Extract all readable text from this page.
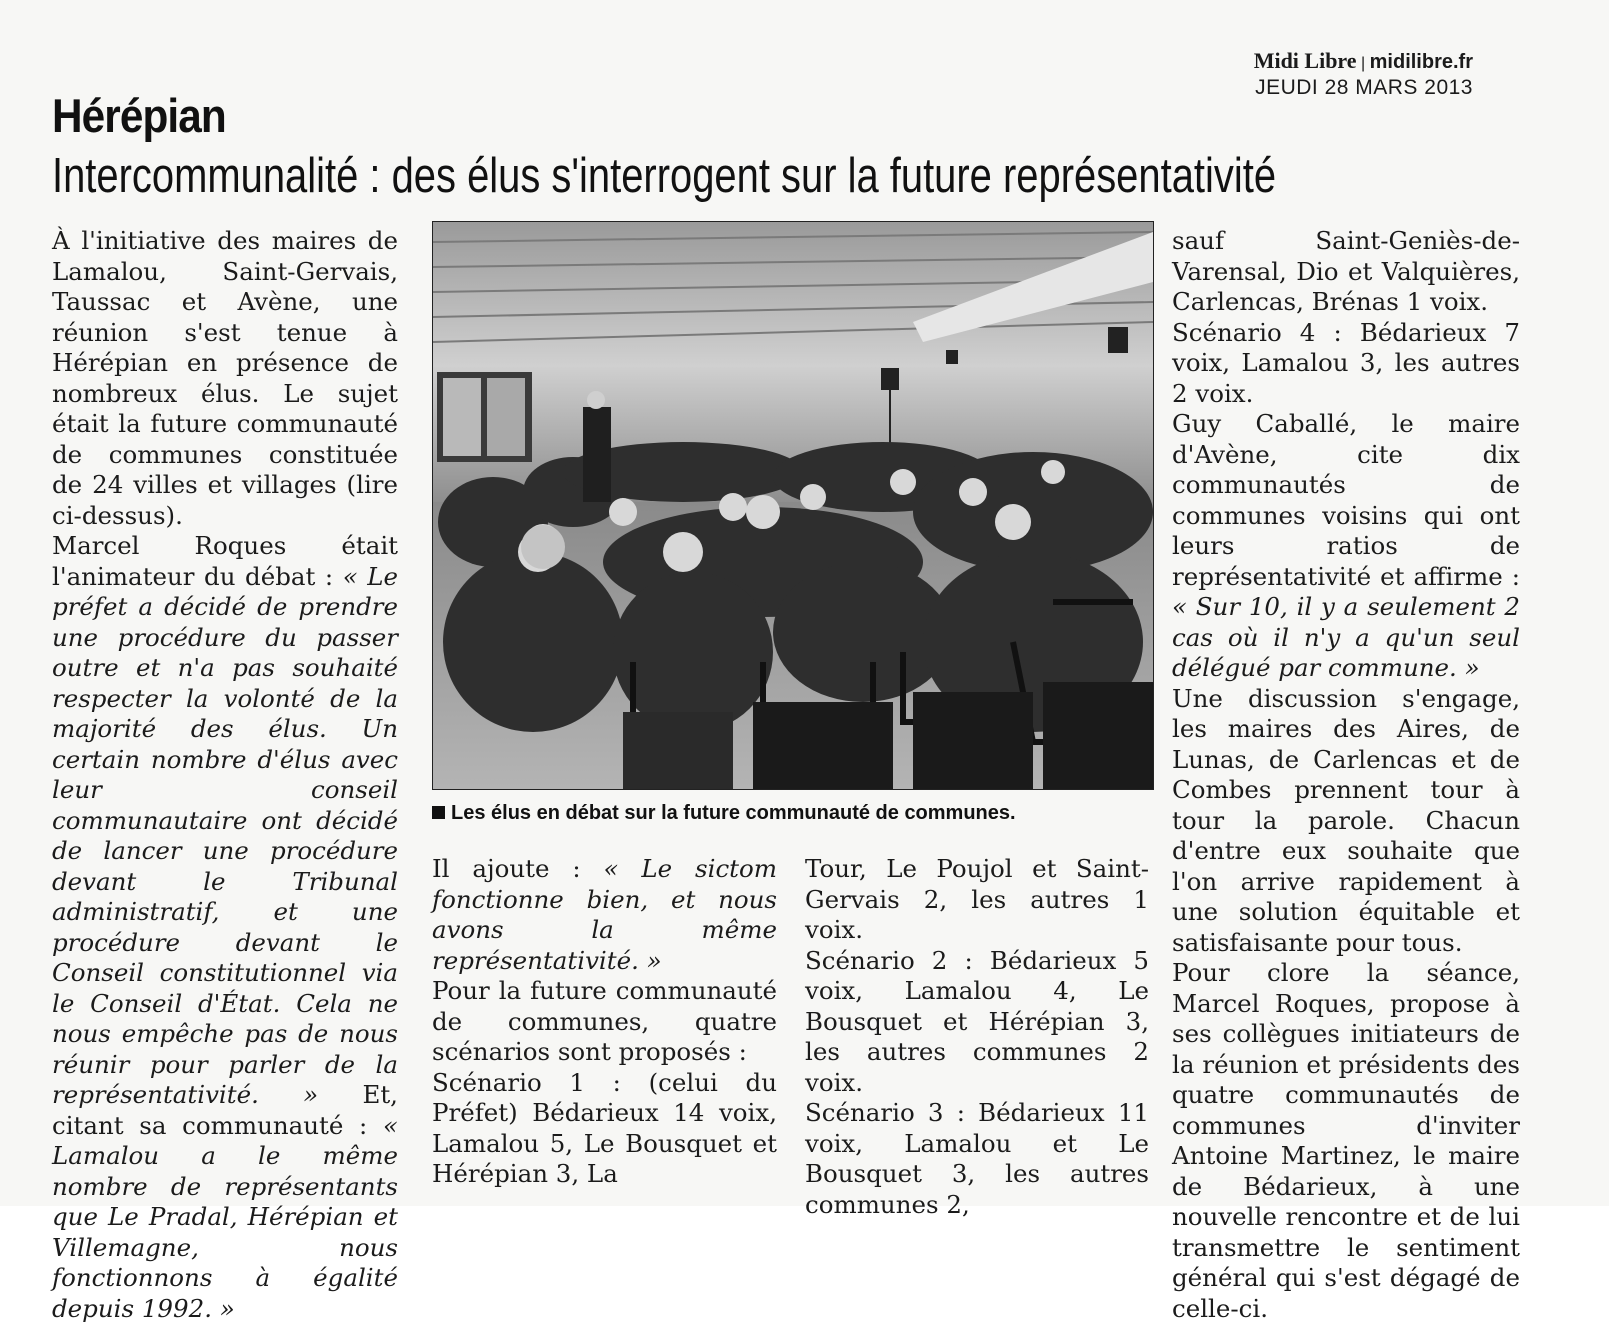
Midi Libre | midilibre.fr
JEUDI 28 MARS 2013
Hérépian
Intercommunalité : des élus s'interrogent sur la future représentativité

À l'initiative des maires de Lamalou, Saint-Gervais, Taussac et Avène, une réunion s'est tenue à Hérépian en présence de nombreux élus. Le sujet était la future communauté de communes constituée de 24 villes et villages (lire ci-dessus).

Marcel Roques était l'animateur du débat : « Le préfet a décidé de prendre une procédure du passer outre et n'a pas souhaité respecter la volonté de la majorité des élus. Un certain nombre d'élus avec leur conseil communautaire ont décidé de lancer une procédure devant le Tribunal administratif, et une procédure devant le Conseil constitutionnel via le Conseil d'État. Cela ne nous empêche pas de nous réunir pour parler de la représentativité. » Et, citant sa communauté : « Lamalou a le même nombre de représentants que Le Pradal, Hérépian et Villemagne, nous fonctionnons à égalité depuis 1992. »

Les élus en débat sur la future communauté de communes.

Il ajoute : « Le sictom fonctionne bien, et nous avons la même représentativité. »

Pour la future communauté de communes, quatre scénarios sont proposés :

Scénario 1 : (celui du Préfet) Bédarieux 14 voix, Lamalou 5, Le Bousquet et Hérépian 3, La

Tour, Le Poujol et Saint-Gervais 2, les autres 1 voix.

Scénario 2 : Bédarieux 5 voix, Lamalou 4, Le Bousquet et Hérépian 3, les autres communes 2 voix.

Scénario 3 : Bédarieux 11 voix, Lamalou et Le Bousquet 3, les autres communes 2,

sauf Saint-Geniès-de-Varensal, Dio et Valquières, Carlencas, Brénas 1 voix.

Scénario 4 : Bédarieux 7 voix, Lamalou 3, les autres 2 voix.

Guy Caballé, le maire d'Avène, cite dix communautés de communes voisins qui ont leurs ratios de représentativité et affirme : « Sur 10, il y a seulement 2 cas où il n'y a qu'un seul délégué par commune. »

Une discussion s'engage, les maires des Aires, de Lunas, de Carlencas et de Combes prennent tour à tour la parole. Chacun d'entre eux souhaite que l'on arrive rapidement à une solution équitable et satisfaisante pour tous.

Pour clore la séance, Marcel Roques, propose à ses collègues initiateurs de la réunion et présidents des quatre communautés de communes d'inviter Antoine Martinez, le maire de Bédarieux, à une nouvelle rencontre et de lui transmettre le sentiment général qui s'est dégagé de celle-ci.
